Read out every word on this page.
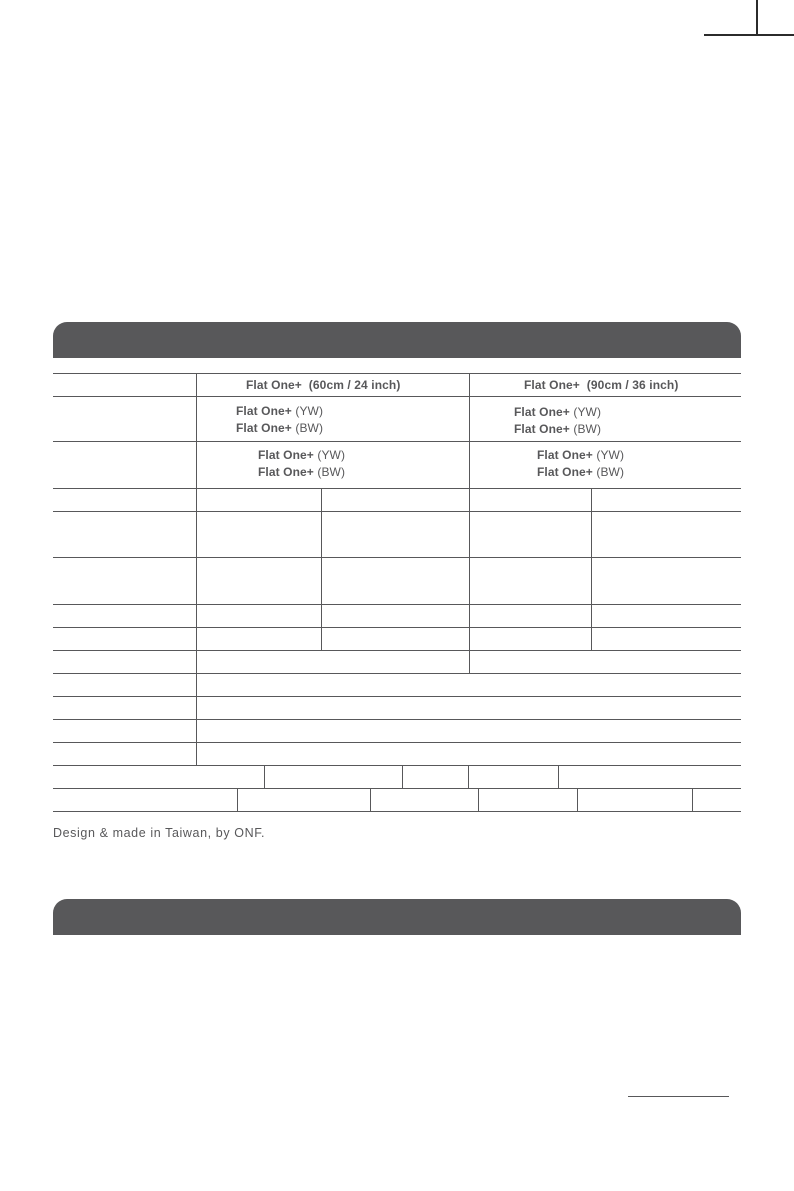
Flat One+ (60cm / 24 inch)	Flat One+ (90cm / 36 inch)
Flat One+ (YW)
Flat One+ (BW)
Flat One+ (YW)
Flat One+ (BW)
Flat One+ (YW)
Flat One+ (BW)
Flat One+ (YW)
Flat One+ (BW)
Design & made in Taiwan, by ONF.
